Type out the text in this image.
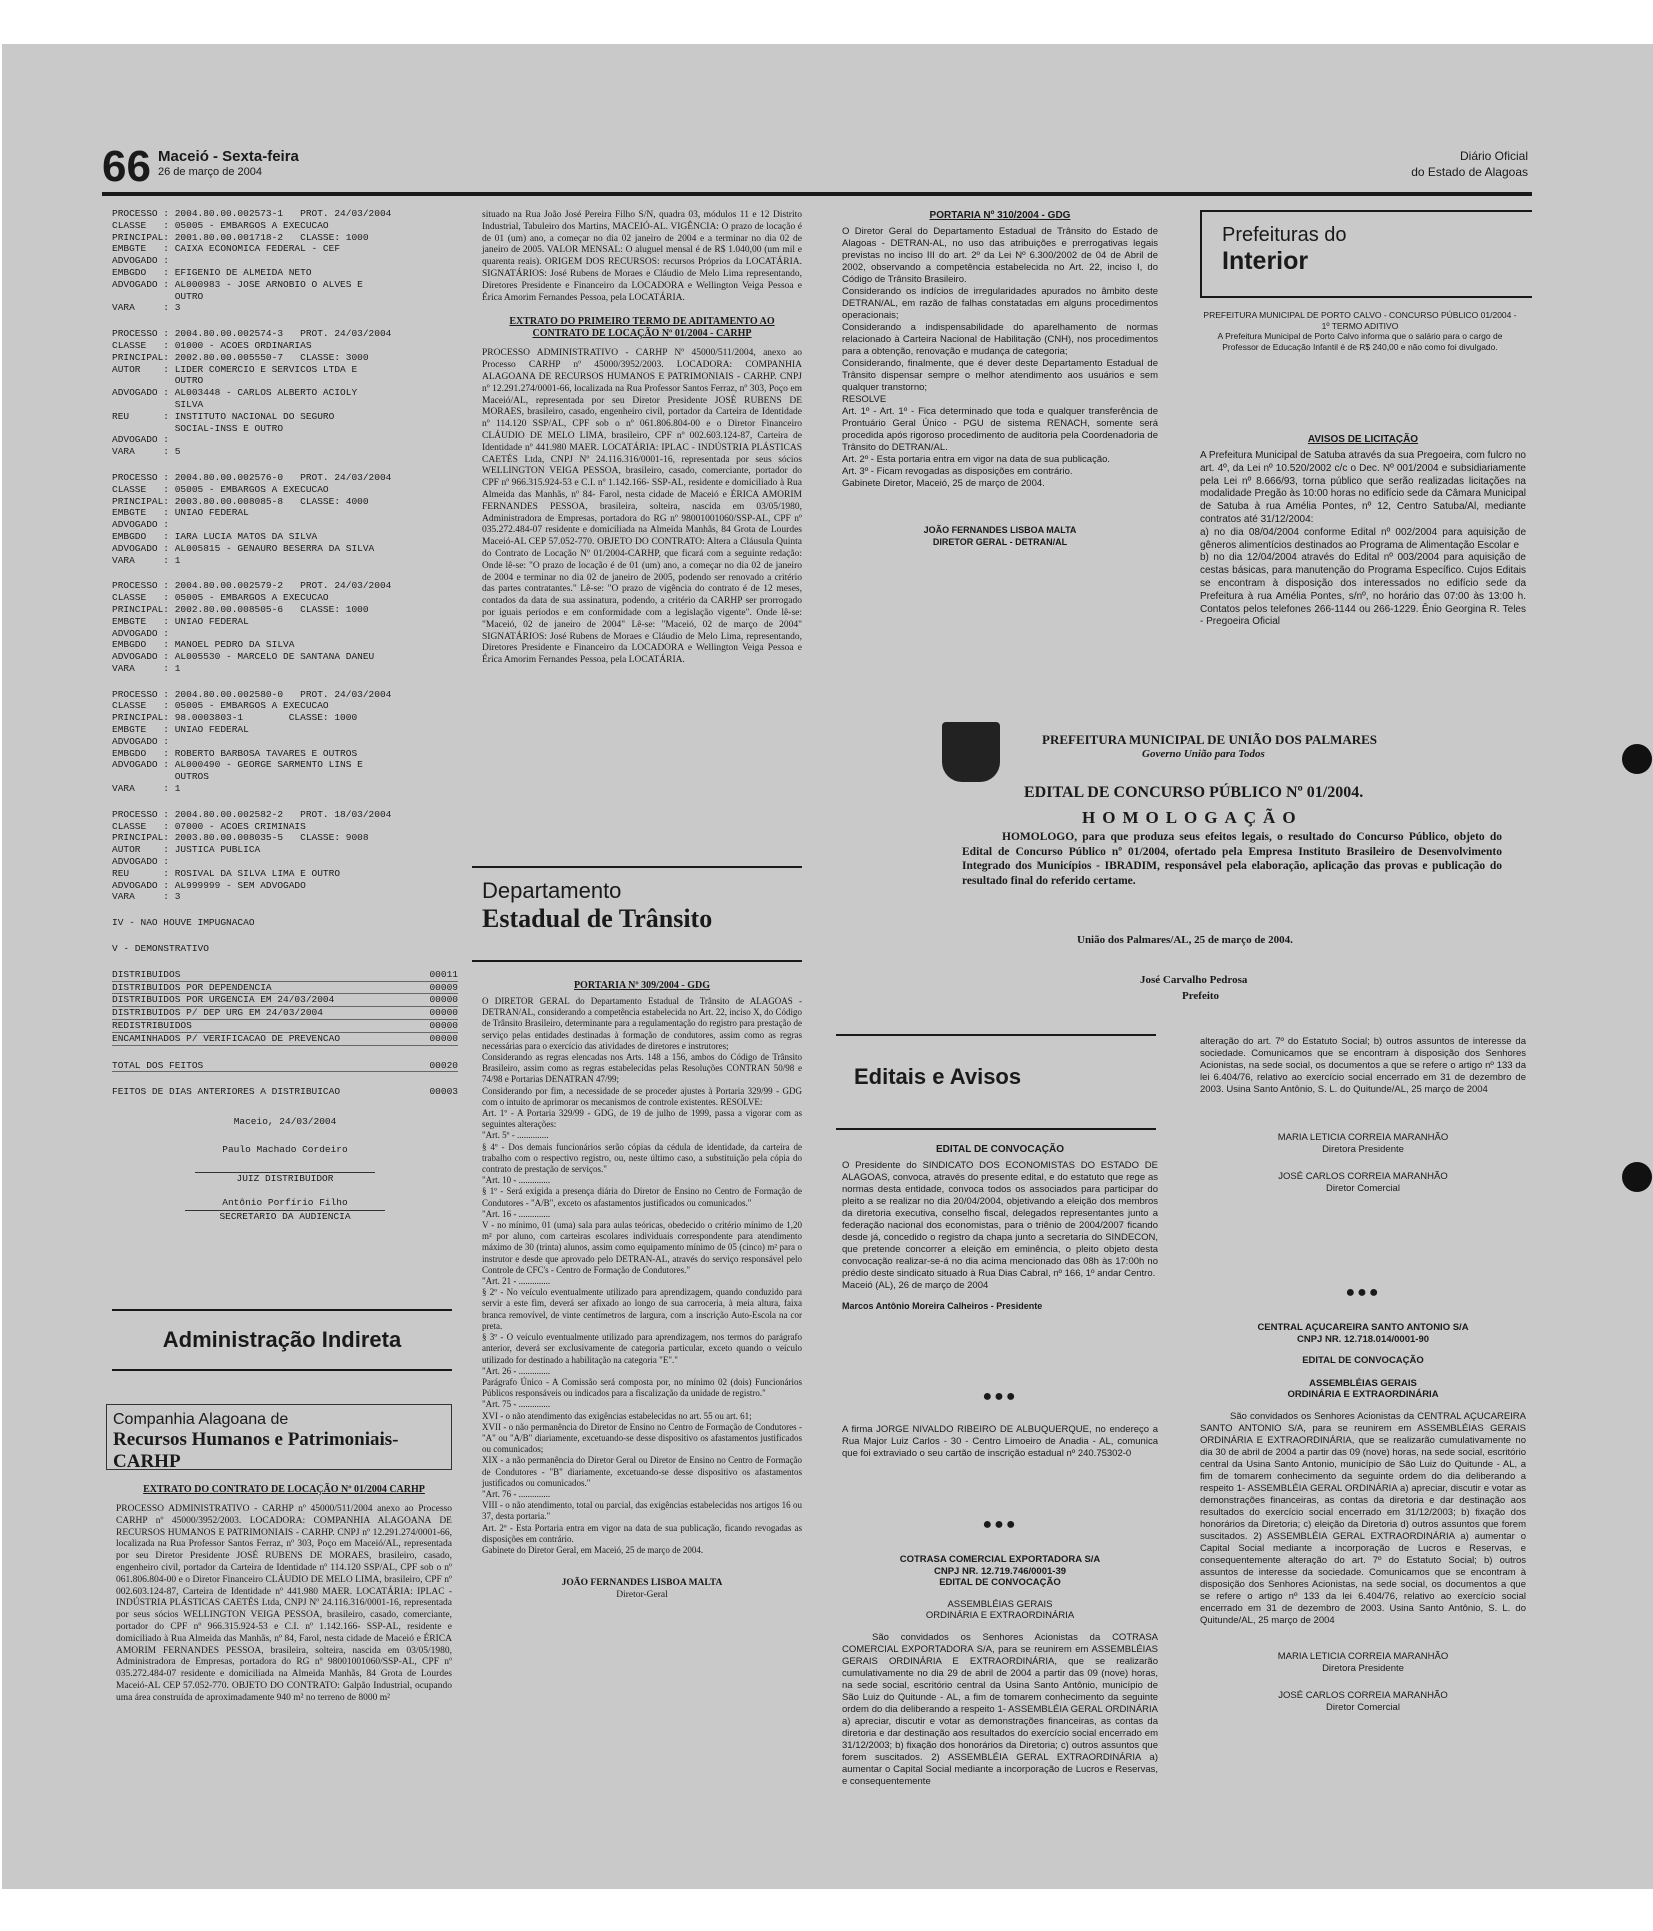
66 Maceió - Sexta-feira
26 de março de 2004
Diário Oficial
do Estado de Alagoas
PROCESSO : 2004.80.00.002573-1   PROT. 24/03/2004
CLASSE   : 05005 - EMBARGOS A EXECUCAO
PRINCIPAL: 2001.80.00.001718-2   CLASSE: 1000
EMBGTE   : CAIXA ECONOMICA FEDERAL - CEF
ADVOGADO :
EMBGDO   : EFIGENIO DE ALMEIDA NETO
ADVOGADO : AL000983 - JOSE ARNOBIO O ALVES E
OUTRO
VARA     : 3
PROCESSO : 2004.80.00.002574-3   PROT. 24/03/2004
CLASSE   : 01000 - ACOES ORDINARIAS
PRINCIPAL: 2002.80.00.005550-7   CLASSE: 3000
AUTOR    : LIDER COMERCIO E SERVICOS LTDA E
OUTRO
ADVOGADO : AL003448 - CARLOS ALBERTO ACIOLY
SILVA
REU      : INSTITUTO NACIONAL DO SEGURO
SOCIAL-INSS E OUTRO
ADVOGADO :
VARA     : 5
PROCESSO : 2004.80.00.002576-0   PROT. 24/03/2004
CLASSE   : 05005 - EMBARGOS A EXECUCAO
PRINCIPAL: 2003.80.00.008085-8   CLASSE: 4000
EMBGTE   : UNIAO FEDERAL
ADVOGADO :
EMBGDO   : IARA LUCIA MATOS DA SILVA
ADVOGADO : AL005815 - GENAURO BESERRA DA SILVA
VARA     : 1
PROCESSO : 2004.80.00.002579-2   PROT. 24/03/2004
CLASSE   : 05005 - EMBARGOS A EXECUCAO
PRINCIPAL: 2002.80.00.008505-6   CLASSE: 1000
EMBGTE   : UNIAO FEDERAL
ADVOGADO :
EMBGDO   : MANOEL PEDRO DA SILVA
ADVOGADO : AL005530 - MARCELO DE SANTANA DANEU
VARA     : 1
PROCESSO : 2004.80.00.002580-0   PROT. 24/03/2004
CLASSE   : 05005 - EMBARGOS A EXECUCAO
PRINCIPAL: 98.0003803-1        CLASSE: 1000
EMBGTE   : UNIAO FEDERAL
ADVOGADO :
EMBGDO   : ROBERTO BARBOSA TAVARES E OUTROS
ADVOGADO : AL000490 - GEORGE SARMENTO LINS E
OUTROS
VARA     : 1
PROCESSO : 2004.80.00.002582-2   PROT. 18/03/2004
CLASSE   : 07000 - ACOES CRIMINAIS
PRINCIPAL: 2003.80.00.008035-5   CLASSE: 9008
AUTOR    : JUSTICA PUBLICA
ADVOGADO :
REU      : ROSIVAL DA SILVA LIMA E OUTRO
ADVOGADO : AL999999 - SEM ADVOGADO
VARA     : 3
IV - NAO HOUVE IMPUGNACAO
V - DEMONSTRATIVO
DISTRIBUIDOS	00011
DISTRIBUIDOS POR DEPENDENCIA	00009
DISTRIBUIDOS POR URGENCIA EM 24/03/2004	00000
DISTRIBUIDOS P/ DEP URG EM 24/03/2004	00000
REDISTRIBUIDOS	00000
ENCAMINHADOS P/ VERIFICACAO DE PREVENCAO	00000
TOTAL DOS FEITOS	00020
FEITOS DE DIAS ANTERIORES A DISTRIBUICAO	00003
Maceio, 24/03/2004
Paulo Machado Cordeiro
JUIZ DISTRIBUIDOR
Antônio Porfírio Filho
SECRETARIO DA AUDIENCIA
Administração Indireta
Companhia Alagoana de
Recursos Humanos e Patrimoniais- CARHP
EXTRATO DO CONTRATO DE LOCAÇÃO Nº 01/2004 CARHP
PROCESSO ADMINISTRATIVO - CARHP nº 45000/511/2004 anexo ao Processo CARHP nº 45000/3952/2003. LOCADORA: COMPANHIA ALAGOANA DE RECURSOS HUMANOS E PATRIMONIAIS - CARHP. CNPJ nº 12.291.274/0001-66, localizada na Rua Professor Santos Ferraz, nº 303, Poço em Maceió/AL, representada por seu Diretor Presidente JOSÉ RUBENS DE MORAES, brasileiro, casado, engenheiro civil, portador da Carteira de Identidade nº 114.120 SSP/AL, CPF sob o nº 061.806.804-00 e o Diretor Financeiro CLÁUDIO DE MELO LIMA, brasileiro, CPF nº 002.603.124-87, Carteira de Identidade nº 441.980 MAER. LOCATÁRIA: IPLAC - INDÚSTRIA PLÁSTICAS CAETÉS Ltda, CNPJ Nº 24.116.316/0001-16, representada por seus sócios WELLINGTON VEIGA PESSOA, brasileiro, casado, comerciante, portador do CPF nº 966.315.924-53 e C.I. nº 1.142.166- SSP-AL, residente e domiciliado à Rua Almeida das Manhãs, nº 84, Farol, nesta cidade de Maceió e ÉRICA AMORIM FERNANDES PESSOA, brasileira, solteira, nascida em 03/05/1980, Administradora de Empresas, portadora do RG nº 98001001060/SSP-AL, CPF nº 035.272.484-07 residente e domiciliada na Almeida Manhãs, 84 Grota de Lourdes Maceió-AL CEP 57.052-770. OBJETO DO CONTRATO: Galpão Industrial, ocupando uma área construída de aproximadamente 940 m² no terreno de 8000 m²
situado na Rua João José Pereira Filho S/N, quadra 03, módulos 11 e 12 Distrito Industrial, Tabuleiro dos Martins, MACEIÓ-AL. VIGÊNCIA: O prazo de locação é de 01 (um) ano, a começar no dia 02 janeiro de 2004 e a terminar no dia 02 de janeiro de 2005. VALOR MENSAL: O aluguel mensal é de R$ 1.040,00 (um mil e quarenta reais). ORIGEM DOS RECURSOS: recursos Próprios da LOCATÁRIA. SIGNATÁRIOS: José Rubens de Moraes e Cláudio de Melo Lima representando, Diretores Presidente e Financeiro da LOCADORA e Wellington Veiga Pessoa e Érica Amorim Fernandes Pessoa, pela LOCATÁRIA.
EXTRATO DO PRIMEIRO TERMO DE ADITAMENTO AO CONTRATO DE LOCAÇÃO Nº 01/2004 - CARHP
PROCESSO ADMINISTRATIVO - CARHP Nº 45000/511/2004, anexo ao Processo CARHP nº 45000/3952/2003. LOCADORA: COMPANHIA ALAGOANA DE RECURSOS HUMANOS E PATRIMONIAIS - CARHP. CNPJ nº 12.291.274/0001-66, localizada na Rua Professor Santos Ferraz, nº 303, Poço em Maceió/AL, representada por seu Diretor Presidente JOSÉ RUBENS DE MORAES, brasileiro, casado, engenheiro civil, portador da Carteira de Identidade nº 114.120 SSP/AL, CPF sob o nº 061.806.804-00 e o Diretor Financeiro CLÁUDIO DE MELO LIMA, brasileiro, CPF nº 002.603.124-87, Carteira de Identidade nº 441.980 MAER. LOCATÁRIA: IPLAC - INDÚSTRIA PLÁSTICAS CAETÉS Ltda, CNPJ Nº 24.116.316/0001-16, representada por seus sócios WELLINGTON VEIGA PESSOA, brasileiro, casado, comerciante, portador do CPF nº 966.315.924-53 e C.I. nº 1.142.166- SSP-AL, residente e domiciliado à Rua Almeida das Manhãs, nº 84- Farol, nesta cidade de Maceió e ÉRICA AMORIM FERNANDES PESSOA, brasileira, solteira, nascida em 03/05/1980, Administradora de Empresas, portadora do RG nº 98001001060/SSP-AL, CPF nº 035.272.484-07 residente e domiciliada na Almeida Manhãs, 84 Grota de Lourdes Maceió-AL CEP 57.052-770. OBJETO DO CONTRATO: Altera a Cláusula Quinta do Contrato de Locação Nº 01/2004-CARHP, que ficará com a seguinte redação: Onde lê-se: "O prazo de locação é de 01 (um) ano, a começar no dia 02 de janeiro de 2004 e terminar no dia 02 de janeiro de 2005, podendo ser renovado a critério das partes contratantes." Lê-se: "O prazo de vigência do contrato é de 12 meses, contados da data de sua assinatura, podendo, a critério da CARHP ser prorrogado por iguais períodos e em conformidade com a legislação vigente". Onde lê-se: "Maceió, 02 de janeiro de 2004" Lê-se: "Maceió, 02 de março de 2004" SIGNATÁRIOS: José Rubens de Moraes e Cláudio de Melo Lima, representando, Diretores Presidente e Financeiro da LOCADORA e Wellington Veiga Pessoa e Érica Amorim Fernandes Pessoa, pela LOCATÁRIA.
Departamento
Estadual de Trânsito
PORTARIA Nº 309/2004 - GDG
O DIRETOR GERAL do Departamento Estadual de Trânsito de ALAGOAS - DETRAN/AL, considerando a competência estabelecida no Art. 22, inciso X, do Código de Trânsito Brasileiro, determinante para a regulamentação do registro para prestação de serviço pelas entidades destinadas à formação de condutores, assim como as regras necessárias para o exercício das atividades de diretores e instrutores;
Considerando as regras elencadas nos Arts. 148 a 156, ambos do Código de Trânsito Brasileiro, assim como as regras estabelecidas pelas Resoluções CONTRAN 50/98 e 74/98 e Portarias DENATRAN 47/99;
Considerando por fim, a necessidade de se proceder ajustes à Portaria 329/99 - GDG com o intuito de aprimorar os mecanismos de controle existentes. RESOLVE:
Art. 1º - A Portaria 329/99 - GDG, de 19 de julho de 1999, passa a vigorar com as seguintes alterações:
"Art. 5º - ..............
§ 4º - Dos demais funcionários serão cópias da cédula de identidade, da carteira de trabalho com o respectivo registro, ou, neste último caso, a substituição pela cópia do contrato de prestação de serviços."
"Art. 10 - ..............
§ 1º - Será exigida a presença diária do Diretor de Ensino no Centro de Formação de Condutores - "A/B", exceto os afastamentos justificados ou comunicados."
"Art. 16 - ..............
V - no mínimo, 01 (uma) sala para aulas teóricas, obedecido o critério mínimo de 1,20 m² por aluno, com carteiras escolares individuais correspondente para atendimento máximo de 30 (trinta) alunos, assim como equipamento mínimo de 05 (cinco) m² para o instrutor e desde que aprovado pelo DETRAN-AL, através do serviço responsável pelo Controle de CFC's - Centro de Formação de Condutores."
"Art. 21 - ..............
§ 2º - No veículo eventualmente utilizado para aprendizagem, quando conduzido para servir a este fim, deverá ser afixado ao longo de sua carroceria, à meia altura, faixa branca removível, de vinte centímetros de largura, com a inscrição Auto-Escola na cor preta.
§ 3º - O veículo eventualmente utilizado para aprendizagem, nos termos do parágrafo anterior, deverá ser exclusivamente de categoria particular, exceto quando o veículo utilizado for destinado a habilitação na categoria "E"."
"Art. 26 - ..............
Parágrafo Único - A Comissão será composta por, no mínimo 02 (dois) Funcionários Públicos responsáveis ou indicados para a fiscalização da unidade de registro."
"Art. 75 - ..............
XVI - o não atendimento das exigências estabelecidas no art. 55 ou art. 61;
XVII - o não permanência do Diretor de Ensino no Centro de Formação de Condutores - "A" ou "A/B" diariamente, excetuando-se desse dispositivo os afastamentos justificados ou comunicados;
XIX - a não permanência do Diretor Geral ou Diretor de Ensino no Centro de Formação de Condutores - "B" diariamente, excetuando-se desse dispositivo os afastamentos justificados ou comunicados."
"Art. 76 - ..............
VIII - o não atendimento, total ou parcial, das exigências estabelecidas nos artigos 16 ou 37, desta portaria."
Art. 2º - Esta Portaria entra em vigor na data de sua publicação, ficando revogadas as disposições em contrário.
Gabinete do Diretor Geral, em Maceió, 25 de março de 2004.
JOÃO FERNANDES LISBOA MALTA
Diretor-Geral
PORTARIA Nº 310/2004 - GDG
O Diretor Geral do Departamento Estadual de Trânsito do Estado de Alagoas - DETRAN-AL, no uso das atribuições e prerrogativas legais previstas no inciso III do art. 2º da Lei Nº 6.300/2002 de 04 de Abril de 2002, observando a competência estabelecida no Art. 22, inciso I, do Código de Trânsito Brasileiro.
Considerando os indícios de irregularidades apurados no âmbito deste DETRAN/AL, em razão de falhas constatadas em alguns procedimentos operacionais;
Considerando a indispensabilidade do aparelhamento de normas relacionado à Carteira Nacional de Habilitação (CNH), nos procedimentos para a obtenção, renovação e mudança de categoria;
Considerando, finalmente, que é dever deste Departamento Estadual de Trânsito dispensar sempre o melhor atendimento aos usuários e sem qualquer transtorno;
RESOLVE
Art. 1º - Art. 1º - Fica determinado que toda e qualquer transferência de Prontuário Geral Único - PGU de sistema RENACH, somente será procedida após rigoroso procedimento de auditoria pela Coordenadoria de Trânsito do DETRAN/AL.
Art. 2º - Esta portaria entra em vigor na data de sua publicação.
Art. 3º - Ficam revogadas as disposições em contrário.
Gabinete Diretor, Maceió, 25 de março de 2004.
JOÃO FERNANDES LISBOA MALTA
DIRETOR GERAL - DETRAN/AL
Prefeituras do
Interior
PREFEITURA MUNICIPAL DE PORTO CALVO - CONCURSO PÚBLICO 01/2004 - 1º TERMO ADITIVO
A Prefeitura Municipal de Porto Calvo informa que o salário para o cargo de Professor de Educação Infantil é de R$ 240,00 e não como foi divulgado.
AVISOS DE LICITAÇÃO
A Prefeitura Municipal de Satuba através da sua Pregoeira, com fulcro no art. 4º, da Lei nº 10.520/2002 c/c o Dec. Nº 001/2004 e subsidiariamente pela Lei nº 8.666/93, torna público que serão realizadas licitações na modalidade Pregão às 10:00 horas no edifício sede da Câmara Municipal de Satuba à rua Amélia Pontes, nº 12, Centro Satuba/Al, mediante contratos até 31/12/2004:
a) no dia 08/04/2004 conforme Edital nº 002/2004 para aquisição de gêneros alimentícios destinados ao Programa de Alimentação Escolar e
b) no dia 12/04/2004 através do Edital nº 003/2004 para aquisição de cestas básicas, para manutenção do Programa Específico. Cujos Editais se encontram à disposição dos interessados no edifício sede da Prefeitura à rua Amélia Pontes, s/nº, no horário das 07:00 às 13:00 h. Contatos pelos telefones 266-1144 ou 266-1229. Ênio Georgina R. Teles - Pregoeira Oficial
PREFEITURA MUNICIPAL DE UNIÃO DOS PALMARES
Governo União para Todos
EDITAL DE CONCURSO PÚBLICO Nº 01/2004.
HOMOLOGAÇÃO
HOMOLOGO, para que produza seus efeitos legais, o resultado do Concurso Público, objeto do Edital de Concurso Público nº 01/2004, ofertado pela Empresa Instituto Brasileiro de Desenvolvimento Integrado dos Municípios - IBRADIM, responsável pela elaboração, aplicação das provas e publicação do resultado final do referido certame.
União dos Palmares/AL, 25 de março de 2004.
José Carvalho Pedrosa
Prefeito
Editais e Avisos
EDITAL DE CONVOCAÇÃO
O Presidente do SINDICATO DOS ECONOMISTAS DO ESTADO DE ALAGOAS, convoca, através do presente edital, e do estatuto que rege as normas desta entidade, convoca todos os associados para participar do pleito a se realizar no dia 20/04/2004, objetivando a eleição dos membros da diretoria executiva, conselho fiscal, delegados representantes junto a federação nacional dos economistas, para o triênio de 2004/2007 ficando desde já, concedido o registro da chapa junto a secretaria do SINDECON, que pretende concorrer a eleição em eminência, o pleito objeto desta convocação realizar-se-á no dia acima mencionado das 08h às 17:00h no prédio deste sindicato situado à Rua Dias Cabral, nº 166, 1º andar Centro.
Maceió (AL), 26 de março de 2004
Marcos Antônio Moreira Calheiros - Presidente
●●●
A firma JORGE NIVALDO RIBEIRO DE ALBUQUERQUE, no endereço a Rua Major Luiz Carlos - 30 - Centro Limoeiro de Anadia - AL, comunica que foi extraviado o seu cartão de inscrição estadual nº 240.75302-0
●●●
COTRASA COMERCIAL EXPORTADORA S/A
CNPJ NR. 12.719.746/0001-39
EDITAL DE CONVOCAÇÃO
ASSEMBLÉIAS GERAIS
ORDINÁRIA E EXTRAORDINÁRIA
São convidados os Senhores Acionistas da COTRASA COMERCIAL EXPORTADORA S/A, para se reunirem em ASSEMBLÉIAS GERAIS ORDINÁRIA E EXTRAORDINÁRIA, que se realizarão cumulativamente no dia 29 de abril de 2004 a partir das 09 (nove) horas, na sede social, escritório central da Usina Santo Antônio, município de São Luiz do Quitunde - AL, a fim de tomarem conhecimento da seguinte ordem do dia deliberando a respeito 1- ASSEMBLÉIA GERAL ORDINÁRIA a) apreciar, discutir e votar as demonstrações financeiras, as contas da diretoria e dar destinação aos resultados do exercício social encerrado em 31/12/2003; b) fixação dos honorários da Diretoria; c) outros assuntos que forem suscitados. 2) ASSEMBLÉIA GERAL EXTRAORDINÁRIA a) aumentar o Capital Social mediante a incorporação de Lucros e Reservas, e consequentemente
alteração do art. 7º do Estatuto Social; b) outros assuntos de interesse da sociedade. Comunicamos que se encontram à disposição dos Senhores Acionistas, na sede social, os documentos a que se refere o artigo nº 133 da lei 6.404/76, relativo ao exercício social encerrado em 31 de dezembro de 2003. Usina Santo Antônio, S. L. do Quitunde/AL, 25 março de 2004
MARIA LETICIA CORREIA MARANHÃO
Diretora Presidente
JOSÉ CARLOS CORREIA MARANHÃO
Diretor Comercial
●●●
CENTRAL AÇUCAREIRA SANTO ANTONIO S/A
CNPJ NR. 12.718.014/0001-90
EDITAL DE CONVOCAÇÃO
ASSEMBLÉIAS GERAIS
ORDINÁRIA E EXTRAORDINÁRIA
São convidados os Senhores Acionistas da CENTRAL AÇUCAREIRA SANTO ANTONIO S/A, para se reunirem em ASSEMBLÉIAS GERAIS ORDINÁRIA E EXTRAORDINÁRIA, que se realizarão cumulativamente no dia 30 de abril de 2004 a partir das 09 (nove) horas, na sede social, escritório central da Usina Santo Antonio, município de São Luiz do Quitunde - AL, a fim de tomarem conhecimento da seguinte ordem do dia deliberando a respeito 1- ASSEMBLÉIA GERAL ORDINÁRIA a) apreciar, discutir e votar as demonstrações financeiras, as contas da diretoria e dar destinação aos resultados do exercício social encerrado em 31/12/2003; b) fixação dos honorários da Diretoria; c) eleição da Diretoria d) outros assuntos que forem suscitados. 2) ASSEMBLÉIA GERAL EXTRAORDINÁRIA a) aumentar o Capital Social mediante a incorporação de Lucros e Reservas, e consequentemente alteração do art. 7º do Estatuto Social; b) outros assuntos de interesse da sociedade. Comunicamos que se encontram à disposição dos Senhores Acionistas, na sede social, os documentos a que se refere o artigo nº 133 da lei 6.404/76, relativo ao exercício social encerrado em 31 de dezembro de 2003. Usina Santo Antônio, S. L. do Quitunde/AL, 25 março de 2004
MARIA LETICIA CORREIA MARANHÃO
Diretora Presidente
JOSÉ CARLOS CORREIA MARANHÃO
Diretor Comercial
